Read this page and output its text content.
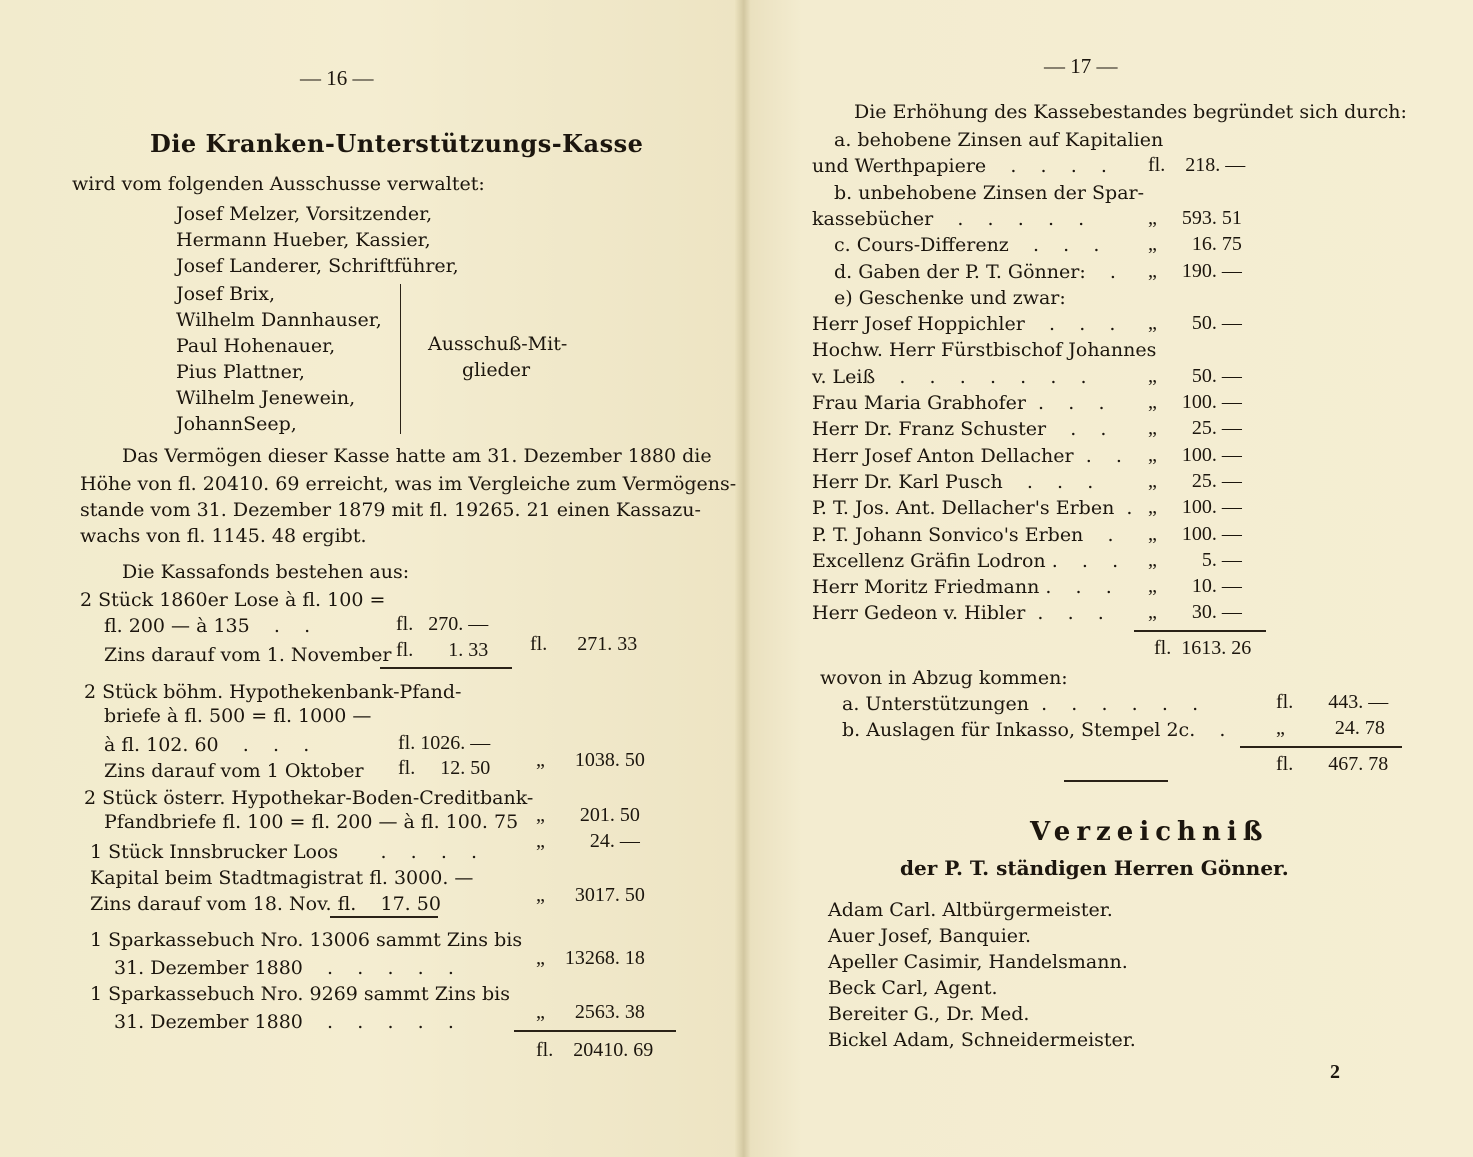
— 16 —
Die Kranken-Unterstützungs-Kasse
wird vom folgenden Ausschusse verwaltet:
Josef Melzer, Vorsitzender,
Hermann Hueber, Kassier,
Josef Landerer, Schriftführer,
Josef Brix,
Wilhelm Dannhauser,
Paul Hohenauer,
Pius Plattner,
Wilhelm Jenewein,
JohannSeep,
Ausschuß-Mit-
glieder
Das Vermögen dieser Kasse hatte am 31. Dezember 1880 die
Höhe von fl. 20410. 69 erreicht, was im Vergleiche zum Vermögens-
stande vom 31. Dezember 1879 mit fl. 19265. 21 einen Kassazu-
wachs von fl. 1145. 48 ergibt.
Die Kassafonds bestehen aus:
2 Stück 1860er Lose à fl. 100 =
fl. 200 — à 135    .    .	fl.   270. —
Zins darauf vom 1. November fl.       1. 33 fl.      271. 33
2 Stück böhm. Hypothekenbank-Pfand-
briefe à fl. 500 = fl. 1000 —
à fl. 102. 60    .    .    .	fl. 1026. —
Zins darauf vom 1 Oktober fl.     12. 50 „      1038. 50
2 Stück österr. Hypothekar-Boden-Creditbank-
Pfandbriefe fl. 100 = fl. 200 — à fl. 100. 75 „       201. 50
1 Stück Innsbrucker Loos       .    .    .    .	„         24. —
Kapital beim Stadtmagistrat fl. 3000. —
Zins darauf vom 18. Nov. fl.    17. 50	„      3017. 50
1 Sparkassebuch Nro. 13006 sammt Zins bis
31. Dezember 1880    .    .    .    .    .	„    13268. 18
1 Sparkassebuch Nro. 9269 sammt Zins bis
31. Dezember 1880    .    .    .    .    .	„      2563. 38
fl.    20410. 69
— 17 —
Die Erhöhung des Kassebestandes begründet sich durch:
a. behobene Zinsen auf Kapitalien
und Werthpapiere    .    .    .    . fl.    218. —
b. unbehobene Zinsen der Spar-
kassebücher    .    .    .    .    .	„     593. 51
c. Cours-Differenz    .    .    . „       16. 75
d. Gaben der P. T. Gönner:    . „     190. —
e) Geschenke und zwar:
Herr Josef Hoppichler    .    .    . „       50. —
Hochw. Herr Fürstbischof Johannes
v. Leiß    .    .    .    .    .    .    .	„       50. —
Frau Maria Grabhofer  .    .    . „     100. —
Herr Dr. Franz Schuster    .    . „       25. —
Herr Josef Anton Dellacher  .    . „     100. —
Herr Dr. Karl Pusch    .    .    .	„       25. —
P. T. Jos. Ant. Dellacher's Erben  . „     100. —
P. T. Johann Sonvico's Erben    . „     100. —
Excellenz Gräfin Lodron .    .    . „         5. —
Herr Moritz Friedmann .    .    . „       10. —
Herr Gedeon v. Hibler  .    .    . „       30. —
fl.  1613. 26
wovon in Abzug kommen:
a. Unterstützungen  .    .    .    .    .    .	fl.       443. —
b. Auslagen für Inkasso, Stempel 2c.    .	„          24. 78
fl.       467. 78
Verzeichniß
der P. T. ständigen Herren Gönner.
Adam Carl. Altbürgermeister.
Auer Josef, Banquier.
Apeller Casimir, Handelsmann.
Beck Carl, Agent.
Bereiter G., Dr. Med.
Bickel Adam, Schneidermeister.
2
